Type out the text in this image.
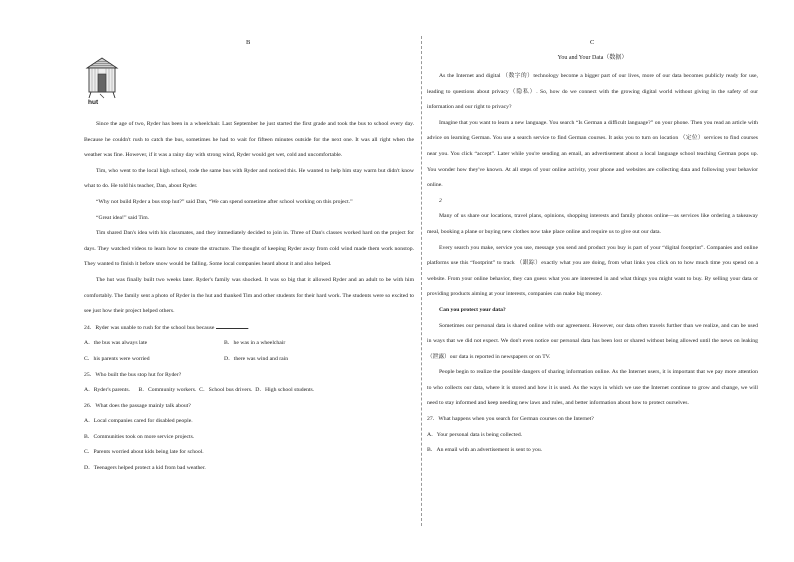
B
hut

Since the age of two, Ryder has been in a wheelchair. Last September he just started the first grade and took the bus to school every day. Because he couldn't rush to catch the bus, sometimes he had to wait for fifteen minutes outside for the next one. It was all right when the weather was fine. However, if it was a rainy day with strong wind, Ryder would get wet, cold and uncomfortable.

Tim, who went to the local high school, rode the same bus with Ryder and noticed this. He wanted to help him stay warm but didn't know what to do. He told his teacher, Dan, about Ryder.

“Why not build Ryder a bus stop hut?” said Dan, “We can spend sometime after school working on this project.”

“Great idea!” said Tim.

Tim shared Dan's idea with his classmates, and they immediately decided to join in. Three of Dan's classes worked hard on the project for days. They watched videos to learn how to create the structure. The thought of keeping Ryder away from cold wind made them work nonstop. They wanted to finish it before snow would be falling. Some local companies heard about it and also helped.

The hut was finally built two weeks later. Ryder's family was shocked. It was so big that it allowed Ryder and an adult to be with him comfortably. The family sent a photo of Ryder in the hut and thanked Tim and other students for their hard work. The students were so excited to see just how their project helped others.

24．Ryder was unable to rush for the school bus because	.

A．the bus was always late	B．he was in a wheelchair
C．his parents were worried	D．there was wind and rain

25．Who built the bus stop hut for Ryder?

A．Ryder's parents.      B．Community workers.  C．School bus drivers.  D．High school students.

26．What does the passage mainly talk about?

A．Local companies cared for disabled people.

B．Communities took on more service projects.

C．Parents worried about kids being late for school.

D．Teenagers helped protect a kid from bad weather.

C
You and Your Data（数据）

As the Internet and digital （数字的）technology become a bigger part of our lives, more of our data becomes publicly ready for use, leading to questions about privacy（隐私）. So, how do we connect with the growing digital world without giving in the safety of our information and our right to privacy?

Imagine that you want to learn a new language. You search “Is German a difficult language?” on your phone. Then you read an article with advice on learning German. You use a search service to find German courses. It asks you to turn on location （定位）services to find courses near you. You click “accept”. Later while you're sending an email, an advertisement about a local language school teaching German pops up. You wonder how they've known. At all steps of your online activity, your phone and websites are collecting data and following your behavior online.

2

Many of us share our locations, travel plans, opinions, shopping interests and family photos online—as services like ordering a takeaway meal, booking a plane or buying new clothes now take place online and require us to give out our data.

Every search you make, service you use, message you send and product you buy is part of your “digital footprint”. Companies and online platforms use this “footprint” to track （跟踪）exactly what you are doing, from what links you click on to how much time you spend on a website. From your online behavior, they can guess what you are interested in and what things you might want to buy. By selling your data or providing products aiming at your interests, companies can make big money.

Can you protect your data?

Sometimes our personal data is shared online with our agreement. However, our data often travels further than we realize, and can be used in ways that we did not expect. We don't even notice our personal data has been lost or shared without being allowed until the news on leaking （泄露）our data is reported in newspapers or on TV.

People begin to realize the possible dangers of sharing information online. As the Internet users, it is important that we pay more attention to who collects our data, where it is stored and how it is used. As the ways in which we use the Internet continue to grow and change, we will need to stay informed and keep needing new laws and rules, and better information about how to protect ourselves.

27．What happens when you search for German courses on the Internet?

A．Your personal data is being collected.

B．An email with an advertisement is sent to you.
